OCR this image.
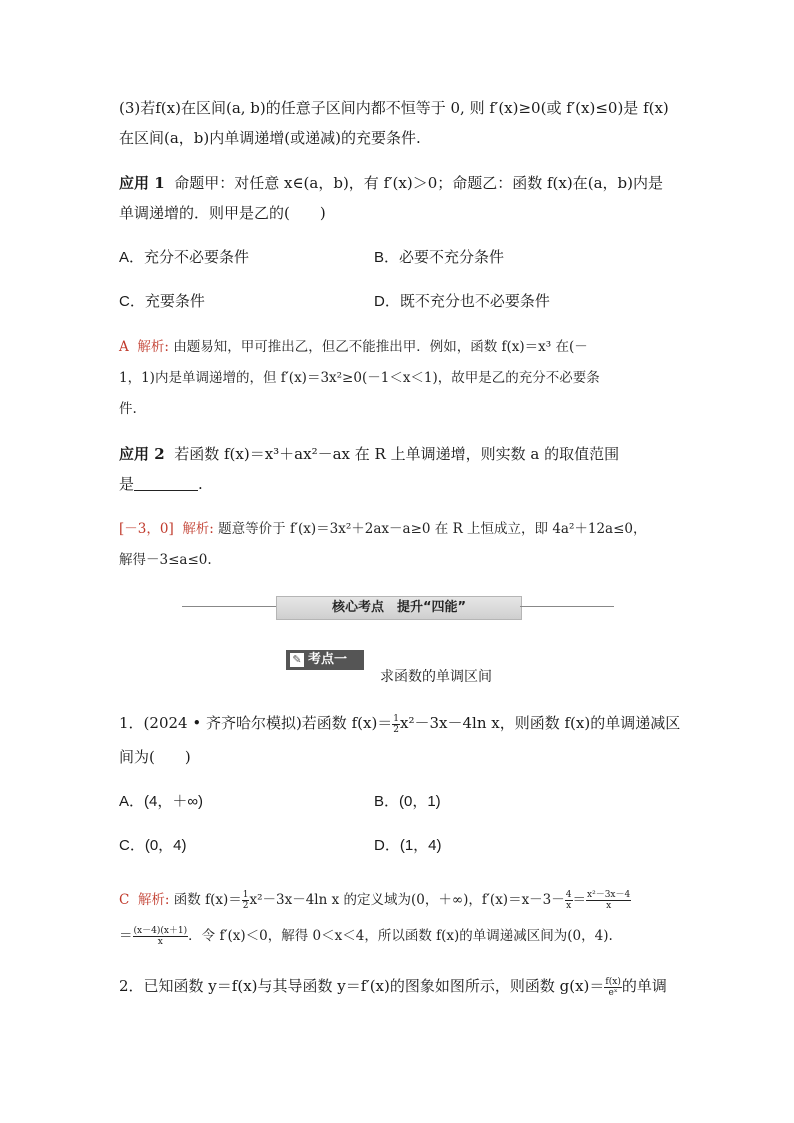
(3)若f(x)在区间(a, b)的任意子区间内都不恒等于 0, 则 f′(x)≥0(或 f′(x)≤0)是 f(x)
在区间(a，b)内单调递增(或递减)的充要条件.
应用 1 命题甲：对任意 x∈(a，b)，有 f′(x)＞0；命题乙：函数 f(x)在(a，b)内是
单调递增的．则甲是乙的(　　)
A．充分不必要条件	B．必要不充分条件
C．充要条件	D．既不充分也不必要条件
A 解析: 由题易知，甲可推出乙，但乙不能推出甲．例如，函数 f(x)＝x³ 在(－
1，1)内是单调递增的，但 f′(x)＝3x²≥0(－1＜x＜1)，故甲是乙的充分不必要条
件.
应用 2 若函数 f(x)＝x³＋ax²－ax 在 R 上单调递增，则实数 a 的取值范围
是	.
[－3，0] 解析: 题意等价于 f′(x)＝3x²＋2ax－a≥0 在 R 上恒成立，即 4a²＋12a≤0，
解得－3≤a≤0.
核心考点　提升“四能”
✎ 考点一
求函数的单调区间
1．(2024 • 齐齐哈尔模拟)若函数 $f(x)= \frac{1}{2} x^2-3x-4\ln$ x，则函数 f(x)的单调递减区
间为(　　)
A．(4，＋∞)	B．(0，1)
C．(0，4)	D．(1，4)
C 解析: 函数 $f(x)= \frac{1}{2} x^2-3x-4\ln$ x 的定义域为(0，＋∞)，$f'(x)=x-3- \frac{4}{x} = \frac{\text{x²－3x－4}}{x}$
＝ $\frac{(x-4)(x+1)}{x}$ ．令 f′(x)＜0，解得 0＜x＜4，所以函数 f(x)的单调递减区间为(0，4).
2．已知函数 y＝f(x)与其导函数 y＝f′(x)的图象如图所示，则函数 $g(x)= \frac{f(x)}{\text{eˣ}}$ 的单调
